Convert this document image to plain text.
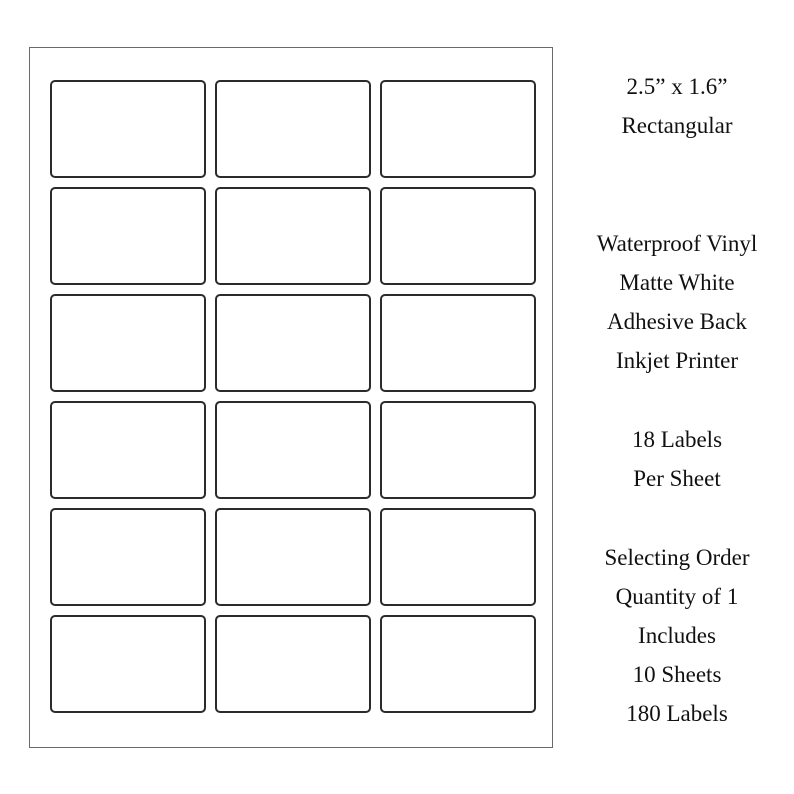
2.5” x 1.6”
Rectangular
Waterproof Vinyl
Matte White
Adhesive Back
Inkjet Printer
18 Labels
Per Sheet
Selecting Order
Quantity of 1
Includes
10 Sheets
180 Labels
